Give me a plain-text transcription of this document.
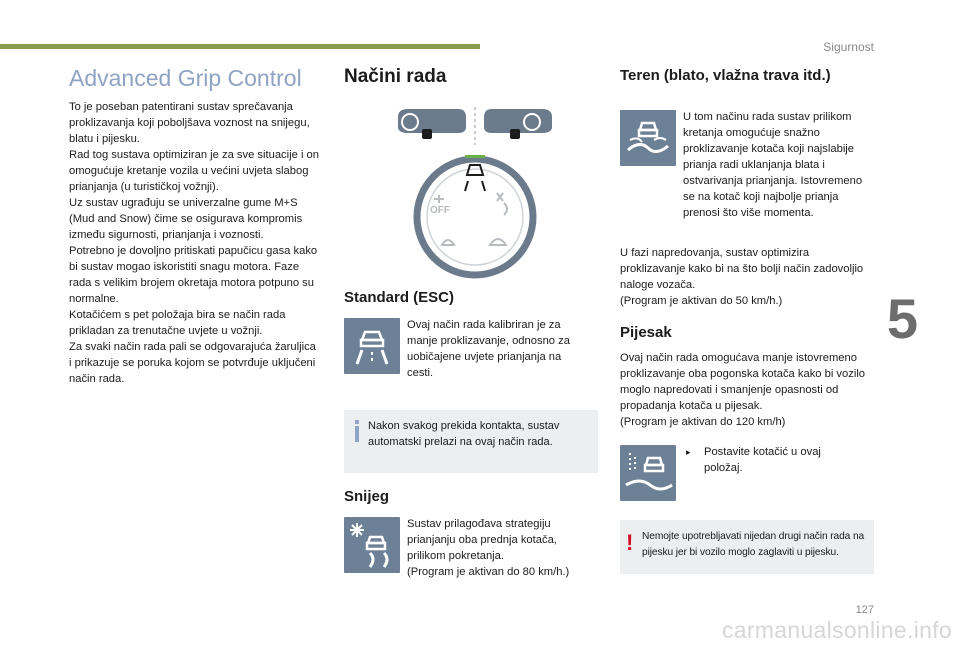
Sigurnost
5
127
carmanualsonline.info
Advanced Grip Control

To je poseban patentirani sustav sprečavanja proklizavanja koji poboljšava voznost na snijegu, blatu i pijesku.

Rad tog sustava optimiziran je za sve situacije i on omogućuje kretanje vozila u većini uvjeta slabog prianjanja (u turističkoj vožnji).

Uz sustav ugrađuju se univerzalne gume M+S (Mud and Snow) čime se osigurava kompromis između sigurnosti, prianjanja i voznosti.

Potrebno je dovoljno pritiskati papučicu gasa kako bi sustav mogao iskoristiti snagu motora. Faze rada s velikim brojem okretaja motora potpuno su normalne.

Kotačićem s pet položaja bira se način rada prikladan za trenutačne uvjete u vožnji.

Za svaki način rada pali se odgovarajuća žaruljica i prikazuje se poruka kojom se potvrđuje uključeni način rada.

Načini rada
OFF
Standard (ESC)
Ovaj način rada kalibriran je za manje proklizavanje, odnosno za uobičajene uvjete prianjanja na cesti.
Nakon svakog prekida kontakta, sustav automatski prelazi na ovaj način rada.
Snijeg

Sustav prilagođava strategiju prianjanju oba prednja kotača, prilikom pokretanja.

(Program je aktivan do 80 km/h.)

Teren (blato, vlažna trava itd.)
U tom načinu rada sustav prilikom kretanja omogućuje snažno proklizavanje kotača koji najslabije prianja radi uklanjanja blata i ostvarivanja prianjanja. Istovremeno se na kotač koji najbolje prianja prenosi što više momenta.

U fazi napredovanja, sustav optimizira proklizavanje kako bi na što bolji način zadovoljio naloge vozača.

(Program je aktivan do 50 km/h.)

Pijesak

Ovaj način rada omogućava manje istovremeno proklizavanje oba pogonska kotača kako bi vozilo moglo napredovati i smanjenje opasnosti od propadanja kotača u pijesak.

(Program je aktivan do 120 km/h)

▸	Postavite kotačić u ovaj položaj.
! Nemojte upotrebljavati nijedan drugi način rada na pijesku jer bi vozilo moglo zaglaviti u pijesku.
